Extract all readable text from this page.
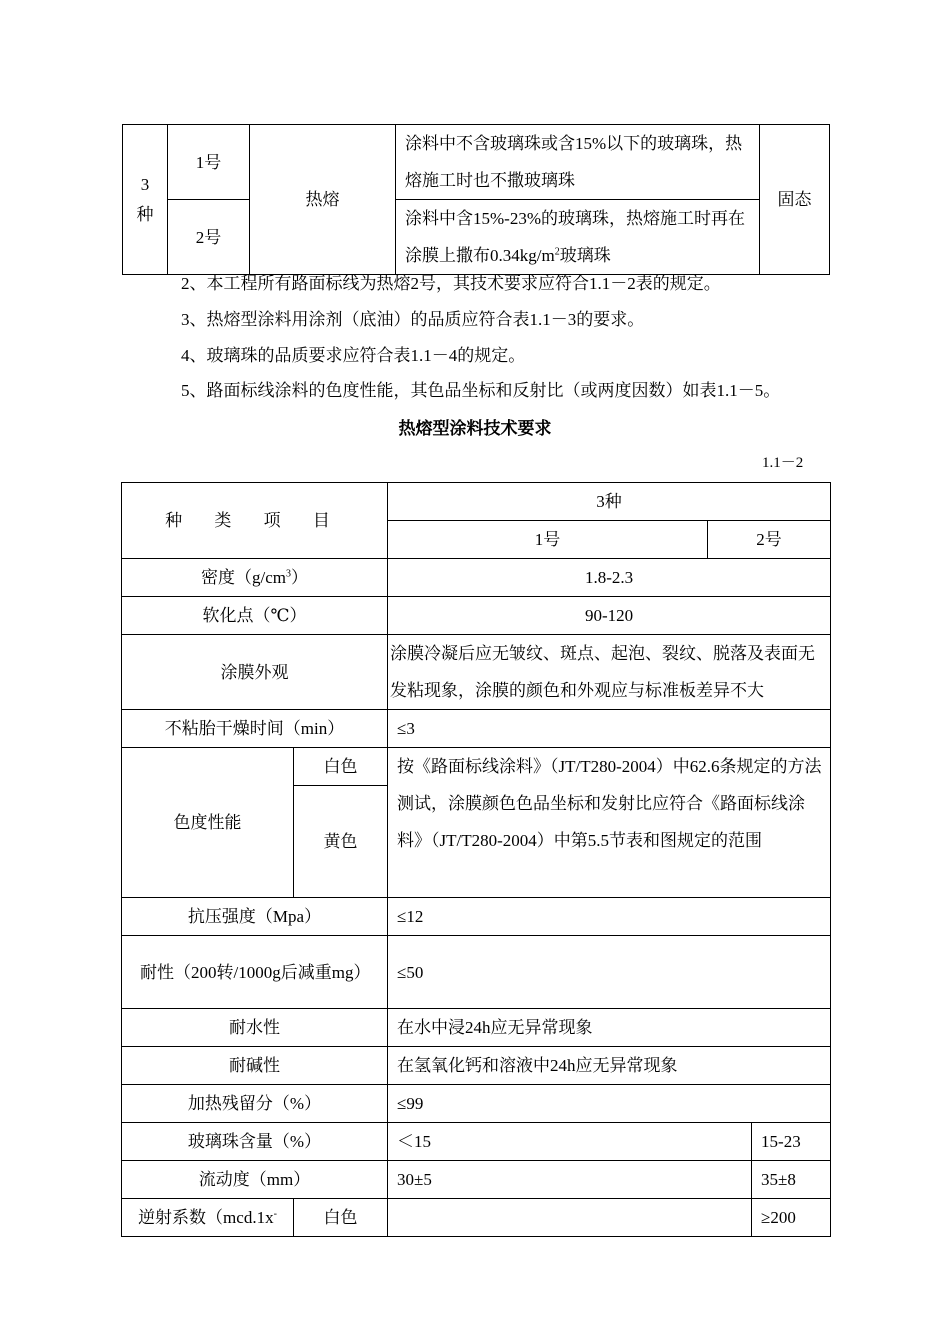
3
种	1号	热熔	涂料中不含玻璃珠或含15%以下的玻璃珠，热熔施工时也不撒玻璃珠	固态
	2号		涂料中含15%-23%的玻璃珠，热熔施工时再在涂膜上撒布$0.34kg/m^2$玻璃珠	
2、本工程所有路面标线为热熔2号，其技术要求应符合1.1－2表的规定。
3、热熔型涂料用涂剂（底油）的品质应符合表1.1－3的要求。
4、玻璃珠的品质要求应符合表1.1－4的规定。
5、路面标线涂料的色度性能，其色品坐标和反射比（或两度因数）如表1.1－5。
热熔型涂料技术要求
1.1－2
种 类 项 目		3种		
		1号	2号	
密度$(g/cm^3)$		1.8-2.3		
软化点（℃）		90-120		
涂膜外观		涂膜冷凝后应无皱纹、斑点、起泡、裂纹、脱落及表面无发粘现象，涂膜的颜色和外观应与标准板差异不大		
不粘胎干燥时间（min）		≤3		
色度性能	白色	按《路面标线涂料》（JT/T280-2004）中62.6条规定的方法测试，涂膜颜色色品坐标和发射比应符合《路面标线涂料》（JT/T280-2004）中第5.5节表和图规定的范围		
	黄色			
抗压强度（Mpa）		≤12		
耐性（200转/1000g后减重mg）		≤50		
耐水性		在水中浸24h应无异常现象		
耐碱性		在氢氧化钙和溶液中24h应无异常现象		
加热残留分（%）		≤99		
玻璃珠含量（%）		＜15		15-23
流动度（mm）		30±5		35±8
逆射系数（mcd.1x-	白色			≥200
